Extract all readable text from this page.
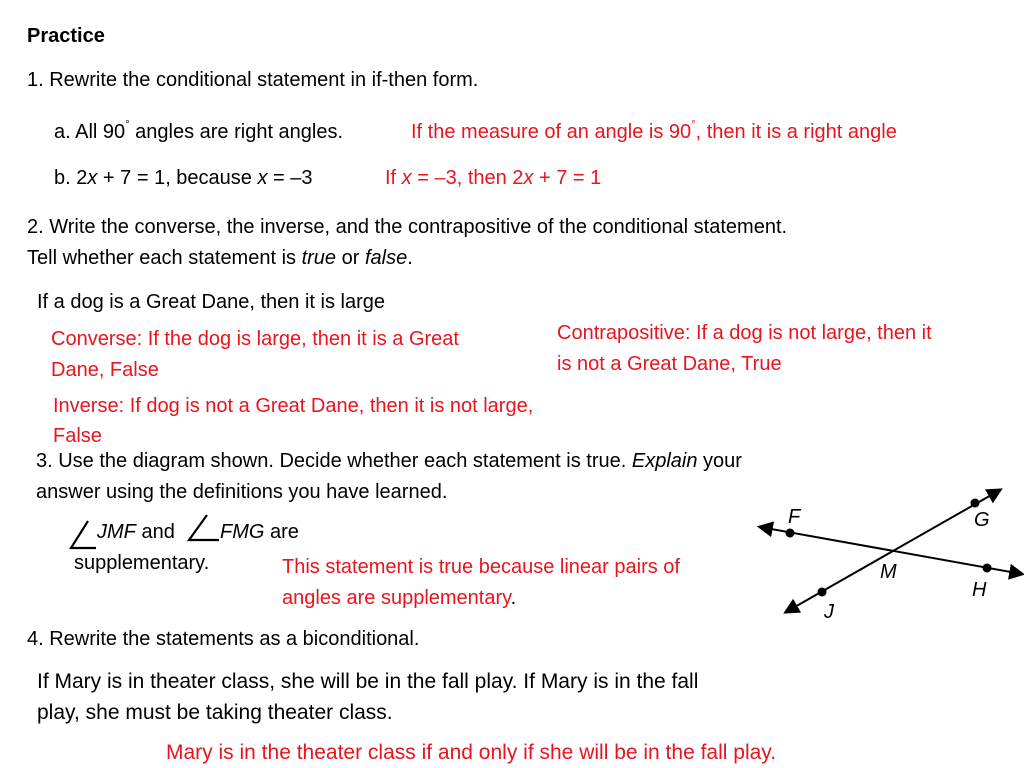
Practice
1. Rewrite the conditional statement in if-then form.
a. All 90° angles are right angles.	If the measure of an angle is 90°, then it is a right angle
b. 2x + 7 = 1, because x = –3	If x = –3, then 2x + 7 = 1
2. Write the converse, the inverse, and the contrapositive of the conditional statement.
Tell whether each statement is true or false.
If a dog is a Great Dane, then it is large
Converse: If the dog is large, then it is a Great
Dane, False
Contrapositive: If a dog is not large, then it
is not a Great Dane, True
Inverse: If dog is not a Great Dane, then it is not large,
False
3. Use the diagram shown. Decide whether each statement is true. Explain your
answer using the definitions you have learned.
JMF and FMG are
supplementary.	This statement is true because linear pairs of
angles are supplementary.
F	G
M
H
J
4. Rewrite the statements as a biconditional.
If Mary is in theater class, she will be in the fall play. If Mary is in the fall
play, she must be taking theater class.
Mary is in the theater class if and only if she will be in the fall play.
